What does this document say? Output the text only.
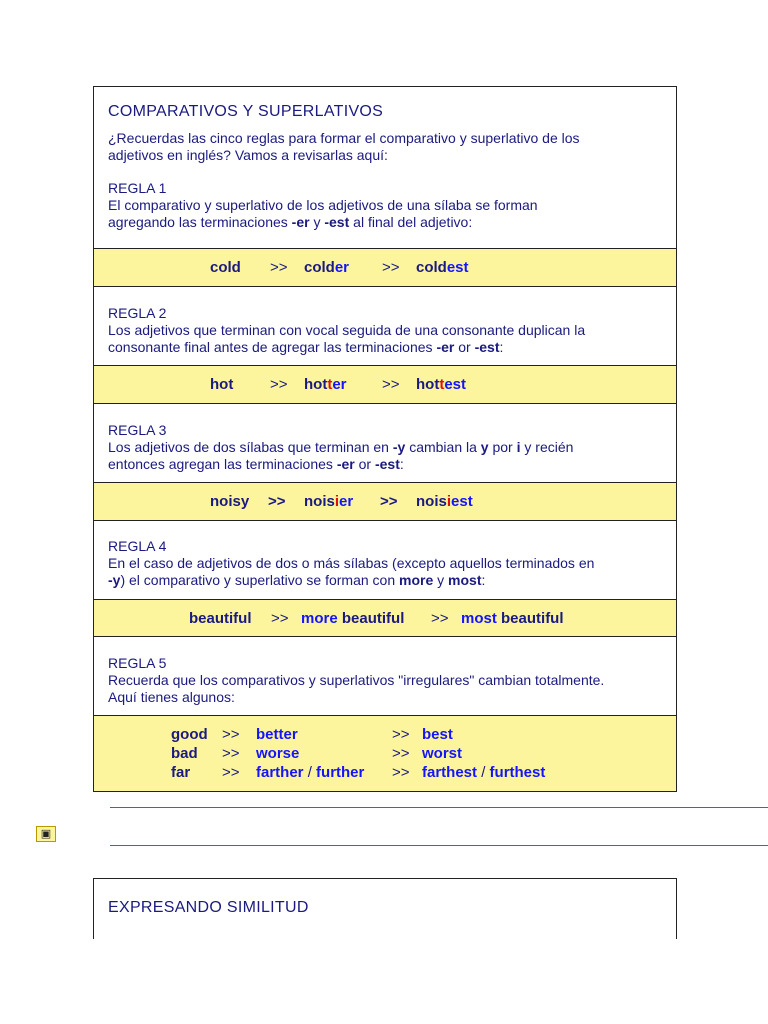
COMPARATIVOS Y SUPERLATIVOS
¿Recuerdas las cinco reglas para formar el comparativo y superlativo de los
adjetivos en inglés? Vamos a revisarlas aquí:
REGLA 1
El comparativo y superlativo de los adjetivos de una sílaba se forman
agregando las terminaciones -er y -est al final del adjetivo:
cold >> colder >> coldest
REGLA 2
Los adjetivos que terminan con vocal seguida de una consonante duplican la
consonante final antes de agregar las terminaciones -er or -est:
hot >> hotter >> hottest
REGLA 3
Los adjetivos de dos sílabas que terminan en -y cambian la y por i y recién
entonces agregan las terminaciones -er or -est:
noisy >> noisier >> noisiest
REGLA 4
En el caso de adjetivos de dos o más sílabas (excepto aquellos terminados en
-y) el comparativo y superlativo se forman con more y most:
beautiful >> more beautiful >> most beautiful
REGLA 5
Recuerda que los comparativos y superlativos "irregulares" cambian totalmente.
Aquí tienes algunos:
good >> better	>> best
bad >> worse	>> worst
far >> farther / further >> farthest / furthest
▣
EXPRESANDO SIMILITUD
